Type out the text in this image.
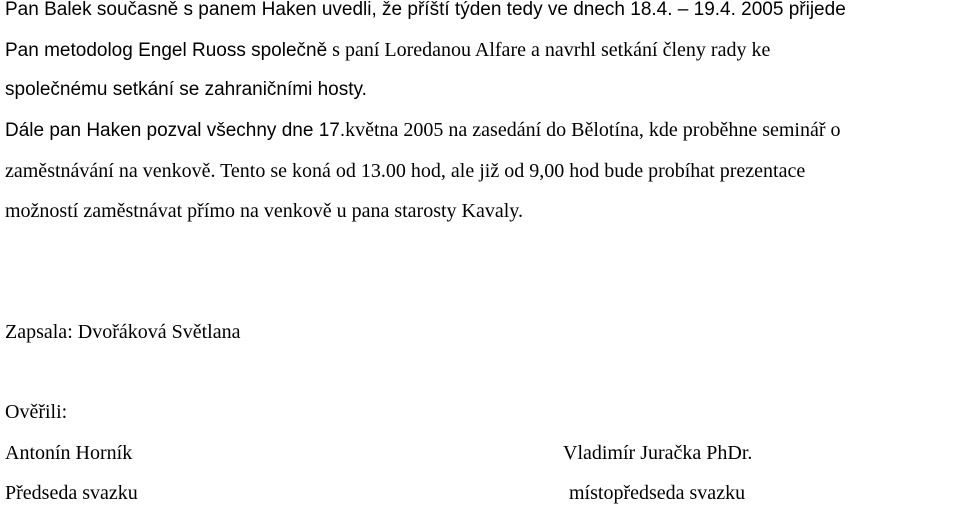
Pan Balek současně s panem Haken uvedli, že příští týden tedy ve dnech 18.4. – 19.4. 2005 přijede
Pan metodolog Engel Ruoss společně s paní Loredanou Alfare a navrhl setkání členy rady ke
společnému setkání se zahraničními hosty.
Dále pan Haken pozval všechny dne 17.května 2005 na zasedání do Bělotína, kde proběhne seminář o
zaměstnávání na venkově. Tento se koná od 13.00 hod, ale již od 9,00 hod bude probíhat prezentace
možností zaměstnávat přímo na venkově u pana starosty Kavaly.
Zapsala: Dvořáková Světlana
Ověřili:
Antonín Horník
Předseda svazku
Vladimír Juračka PhDr.
místopředseda svazku
